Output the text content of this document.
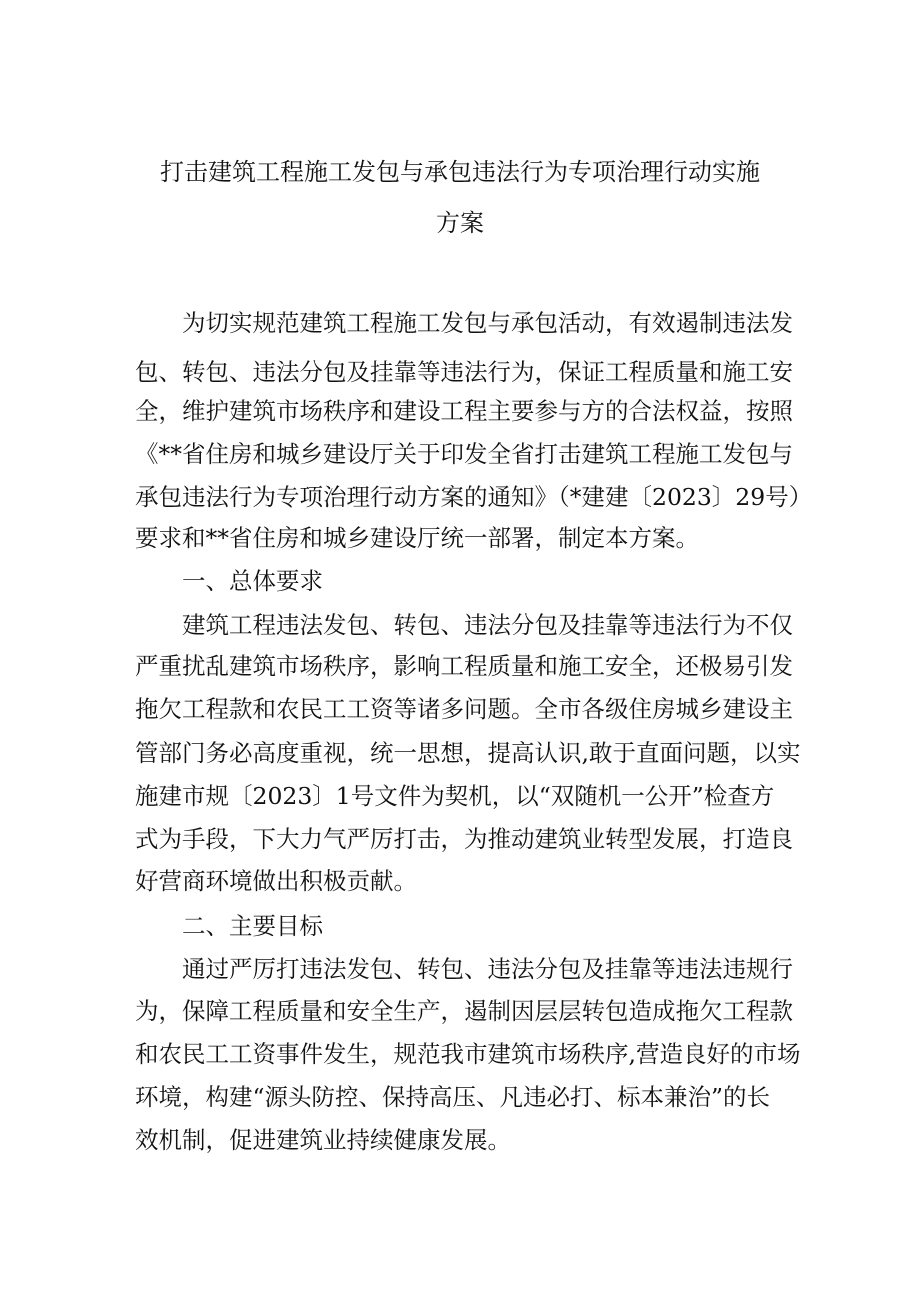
打击建筑工程施工发包与承包违法行为专项治理行动实施
方案
为切实规范建筑工程施工发包与承包活动，有效遏制违法发
包、转包、违法分包及挂靠等违法行为，保证工程质量和施工安
全，维护建筑市场秩序和建设工程主要参与方的合法权益，按照
《**省住房和城乡建设厅关于印发全省打击建筑工程施工发包与
承包违法行为专项治理行动方案的通知》（*建建〔2023〕29号）
要求和**省住房和城乡建设厅统一部署，制定本方案。
一、总体要求
建筑工程违法发包、转包、违法分包及挂靠等违法行为不仅
严重扰乱建筑市场秩序，影响工程质量和施工安全，还极易引发
拖欠工程款和农民工工资等诸多问题。全市各级住房城乡建设主
管部门务必高度重视，统一思想，提高认识,敢于直面问题，以实
施建市规〔2023〕1号文件为契机，以“双随机一公开”检查方
式为手段，下大力气严厉打击，为推动建筑业转型发展，打造良
好营商环境做出积极贡献。
二、主要目标
通过严厉打违法发包、转包、违法分包及挂靠等违法违规行
为，保障工程质量和安全生产，遏制因层层转包造成拖欠工程款
和农民工工资事件发生，规范我市建筑市场秩序,营造良好的市场
环境，构建“源头防控、保持高压、凡违必打、标本兼治”的长
效机制，促进建筑业持续健康发展。
